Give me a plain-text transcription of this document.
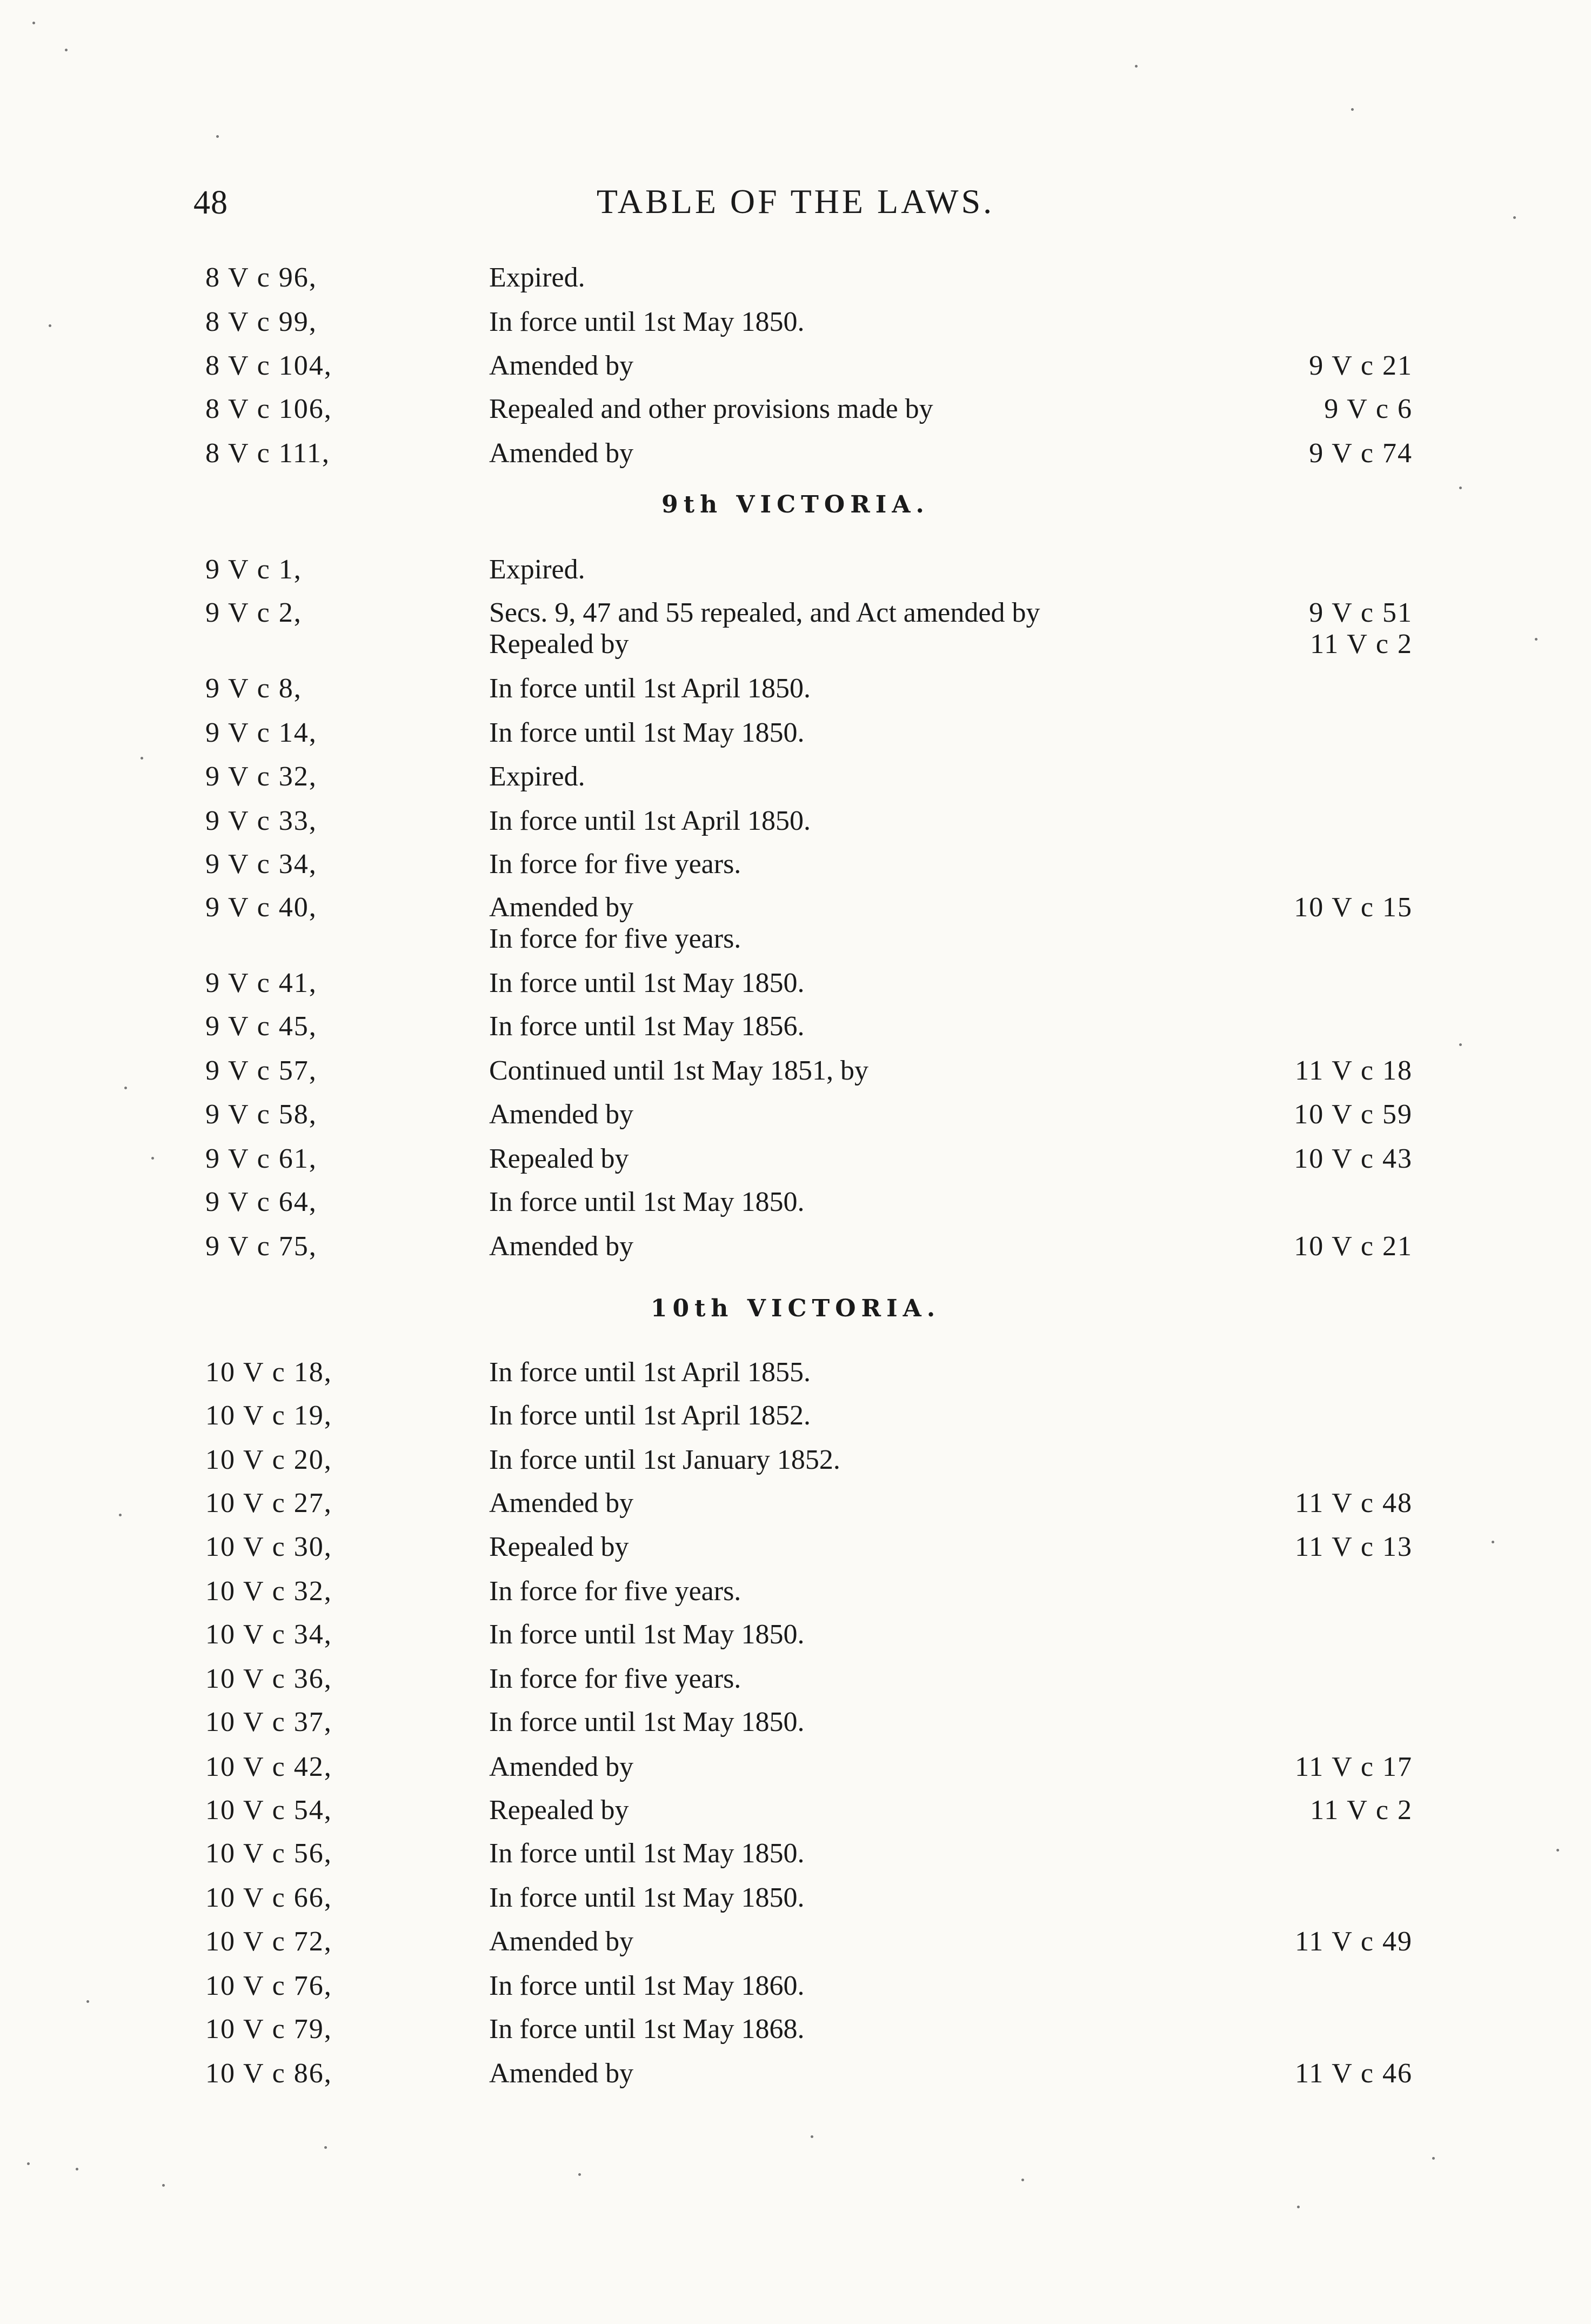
48	TABLE OF THE LAWS.
8 V c 96,	Expired.
8 V c 99,	In force until 1st May 1850.
8 V c 104,	Amended by	9 V c 21
8 V c 106,	Repealed and other provisions made by	9 V c 6
8 V c 111,	Amended by	9 V c 74
9th VICTORIA.
9 V c 1,	Expired.
9 V c 2,	Secs. 9, 47 and 55 repealed, and Act amended by	9 V c 51
Repealed by	11 V c 2
9 V c 8,	In force until 1st April 1850.
9 V c 14,	In force until 1st May 1850.
9 V c 32,	Expired.
9 V c 33,	In force until 1st April 1850.
9 V c 34,	In force for five years.
9 V c 40,	Amended by	10 V c 15
In force for five years.
9 V c 41,	In force until 1st May 1850.
9 V c 45,	In force until 1st May 1856.
9 V c 57,	Continued until 1st May 1851, by	11 V c 18
9 V c 58,	Amended by	10 V c 59
9 V c 61,	Repealed by	10 V c 43
9 V c 64,	In force until 1st May 1850.
9 V c 75,	Amended by	10 V c 21
10th VICTORIA.
10 V c 18,	In force until 1st April 1855.
10 V c 19,	In force until 1st April 1852.
10 V c 20,	In force until 1st January 1852.
10 V c 27,	Amended by	11 V c 48
10 V c 30,	Repealed by	11 V c 13
10 V c 32,	In force for five years.
10 V c 34,	In force until 1st May 1850.
10 V c 36,	In force for five years.
10 V c 37,	In force until 1st May 1850.
10 V c 42,	Amended by	11 V c 17
10 V c 54,	Repealed by	11 V c 2
10 V c 56,	In force until 1st May 1850.
10 V c 66,	In force until 1st May 1850.
10 V c 72,	Amended by	11 V c 49
10 V c 76,	In force until 1st May 1860.
10 V c 79,	In force until 1st May 1868.
10 V c 86,	Amended by	11 V c 46
